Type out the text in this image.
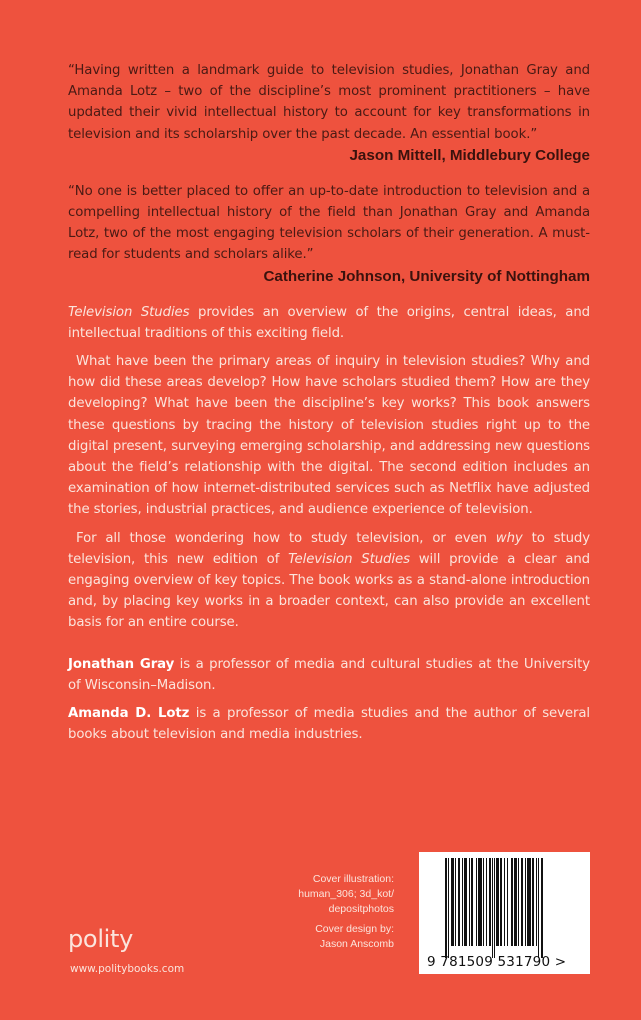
“Having written a landmark guide to television studies, Jonathan Gray and Amanda Lotz – two of the discipline’s most prominent practitioners – have updated their vivid intellectual history to account for key transformations in television and its scholarship over the past decade. An essential book.”

Jason Mittell, Middlebury College

“No one is better placed to offer an up-to-date introduction to television and a compelling intellectual history of the field than Jonathan Gray and Amanda Lotz, two of the most engaging television scholars of their generation. A must-read for students and scholars alike.”

Catherine Johnson, University of Nottingham

Television Studies provides an overview of the origins, central ideas, and intellectual traditions of this exciting field.

What have been the primary areas of inquiry in television studies? Why and how did these areas develop? How have scholars studied them? How are they developing? What have been the discipline’s key works? This book answers these questions by tracing the history of television studies right up to the digital present, surveying emerging scholarship, and addressing new questions about the field’s relationship with the digital. The second edition includes an examination of how internet-distributed services such as Netflix have adjusted the stories, industrial practices, and audience experience of television.

For all those wondering how to study television, or even why to study television, this new edition of Television Studies will provide a clear and engaging overview of key topics. The book works as a stand-alone introduction and, by placing key works in a broader context, can also provide an excellent basis for an entire course.

Jonathan Gray is a professor of media and cultural studies at the University of Wisconsin–Madison.

Amanda D. Lotz is a professor of media studies and the author of several books about television and media industries.

Cover illustration:
human_306; 3d_kot/
depositphotos

Cover design by:
Jason Anscomb

9 781509 531790 >
polity
www.politybooks.com
